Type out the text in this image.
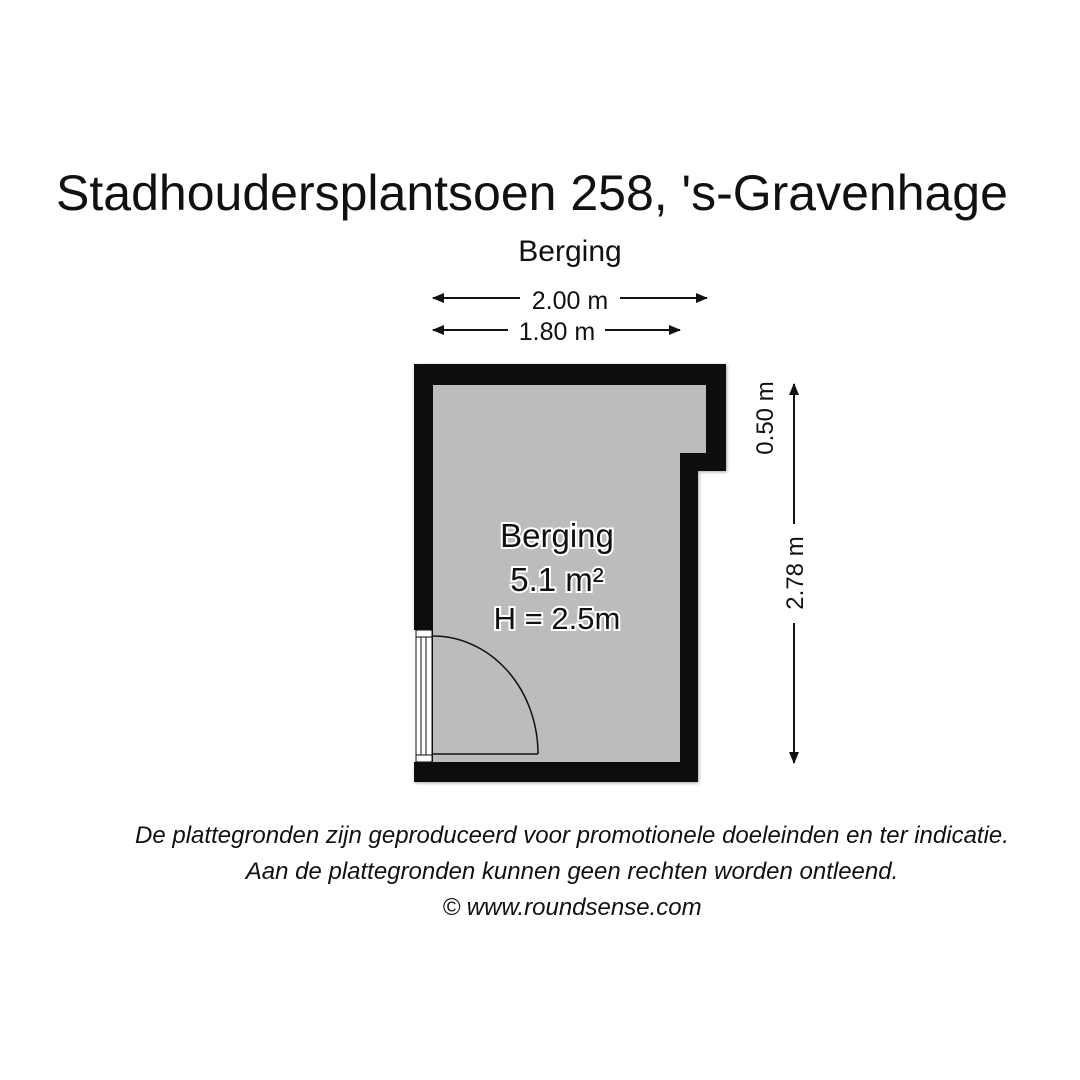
Stadhoudersplantsoen 258, 's-Gravenhage
Berging
2.00 m
1.80 m
Berging
5.1 m²
H = 2.5m
0.50 m
2.78 m
De plattegronden zijn geproduceerd voor promotionele doeleinden en ter indicatie.
Aan de plattegronden kunnen geen rechten worden ontleend.
© www.roundsense.com
